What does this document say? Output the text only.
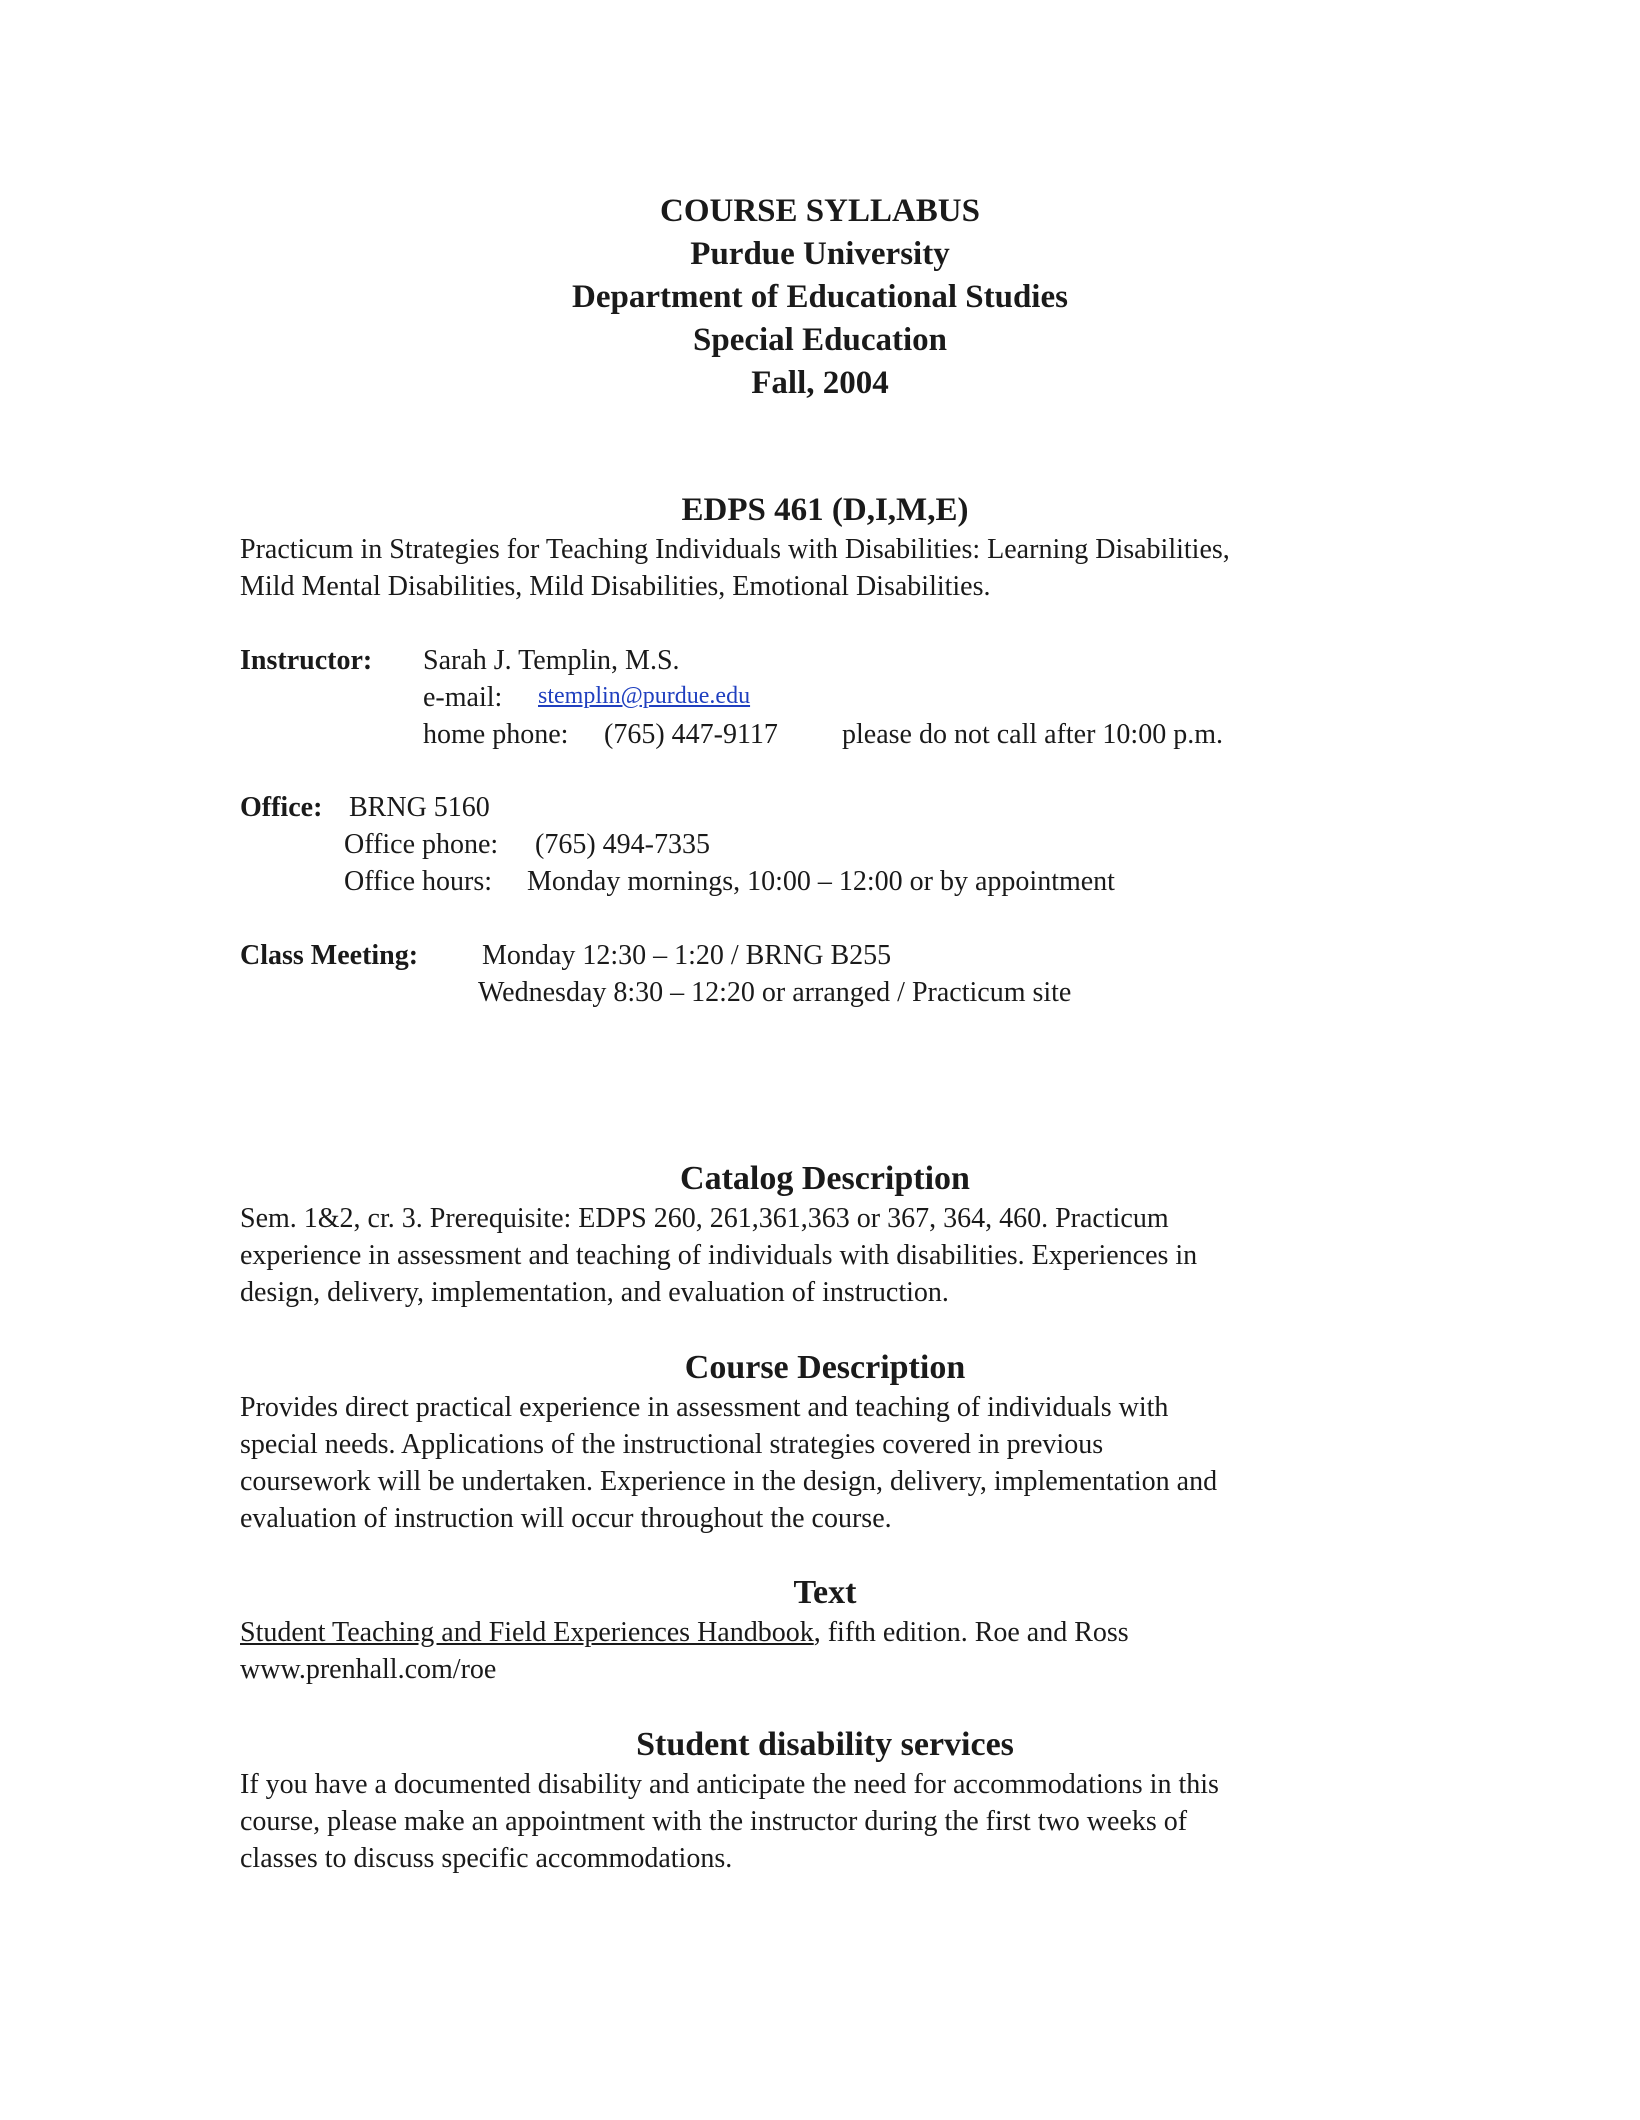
COURSE SYLLABUS
Purdue University
Department of Educational Studies
Special Education
Fall, 2004
EDPS 461 (D,I,M,E)
Practicum in Strategies for Teaching Individuals with Disabilities: Learning Disabilities,
Mild Mental Disabilities, Mild Disabilities, Emotional Disabilities.
Instructor: Sarah J. Templin, M.S.
e-mail: stemplin@purdue.edu
home phone: (765) 447-9117 please do not call after 10:00 p.m.
Office: BRNG 5160
Office phone: (765) 494-7335
Office hours: Monday mornings, 10:00 – 12:00 or by appointment
Class Meeting: Monday 12:30 – 1:20 / BRNG B255
Wednesday 8:30 – 12:20 or arranged / Practicum site
Catalog Description
Sem. 1&2, cr. 3. Prerequisite: EDPS 260, 261,361,363 or 367, 364, 460. Practicum
experience in assessment and teaching of individuals with disabilities. Experiences in
design, delivery, implementation, and evaluation of instruction.
Course Description
Provides direct practical experience in assessment and teaching of individuals with
special needs. Applications of the instructional strategies covered in previous
coursework will be undertaken. Experience in the design, delivery, implementation and
evaluation of instruction will occur throughout the course.
Text
Student Teaching and Field Experiences Handbook, fifth edition. Roe and Ross
www.prenhall.com/roe
Student disability services
If you have a documented disability and anticipate the need for accommodations in this
course, please make an appointment with the instructor during the first two weeks of
classes to discuss specific accommodations.
